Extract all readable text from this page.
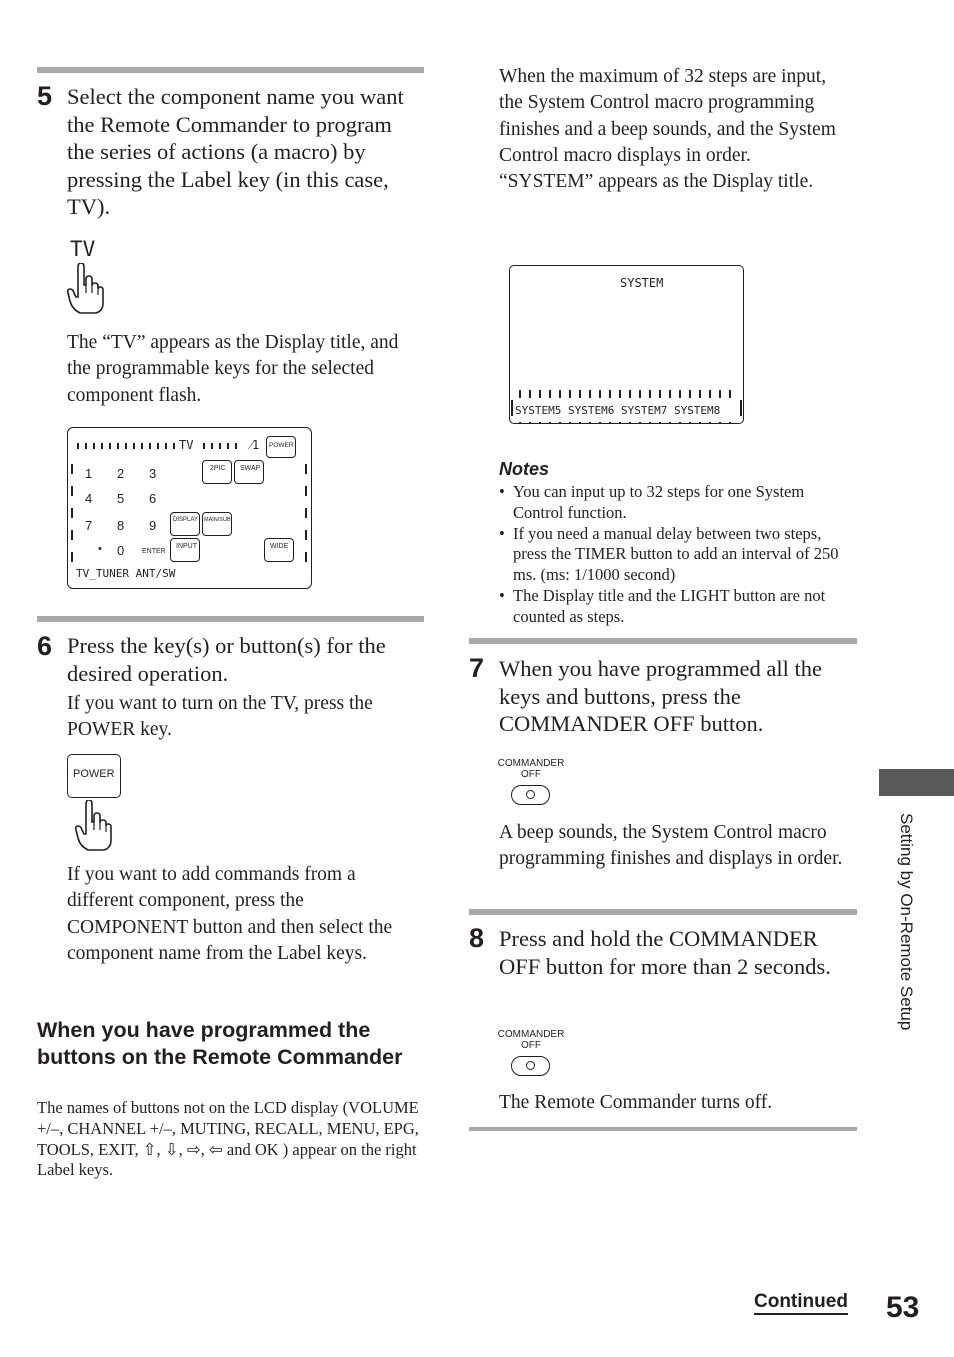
5 Select the component name you want the Remote Commander to program the series of actions (a macro) by pressing the Label key (in this case, TV).

TV

The “TV” appears as the Display title, and the programmable keys for the selected component flash.

TV	⁄1 POWER
1 2 3
4 5 6
7 8 9
• 0	ENTER
2PIC SWAP
DISPLAY MAIN/SUB
INPUT	WIDE
TV_TUNER ANT/SW
6 Press the key(s) or button(s) for the desired operation.

If you want to turn on the TV, press the POWER key.

POWER

If you want to add commands from a different component, press the COMPONENT button and then select the component name from the Label keys.

When you have programmed the buttons on the Remote Commander

The names of buttons not on the LCD display (VOLUME +/–, CHANNEL +/–, MUTING, RECALL, MENU, EPG, TOOLS, EXIT, ⇧, ⇩, ⇨, ⇦ and OK ) appear on the right Label keys.

When the maximum of 32 steps are input, the System Control macro programming finishes and a beep sounds, and the System Control macro displays in order. “SYSTEM” appears as the Display title.

SYSTEM
SYSTEM5 SYSTEM6 SYSTEM7 SYSTEM8
Notes
• You can input up to 32 steps for one System Control function.
• If you need a manual delay between two steps, press the TIMER button to add an interval of 250 ms. (ms: 1/1000 second)
• The Display title and the LIGHT button are not counted as steps.
7 When you have programmed all the keys and buttons, press the COMMANDER OFF button.

COMMANDER
OFF

A beep sounds, the System Control macro programming finishes and displays in order.

8 Press and hold the COMMANDER OFF button for more than 2 seconds.

COMMANDER
OFF

The Remote Commander turns off.

Setting by On-Remote Setup
Continued 53
